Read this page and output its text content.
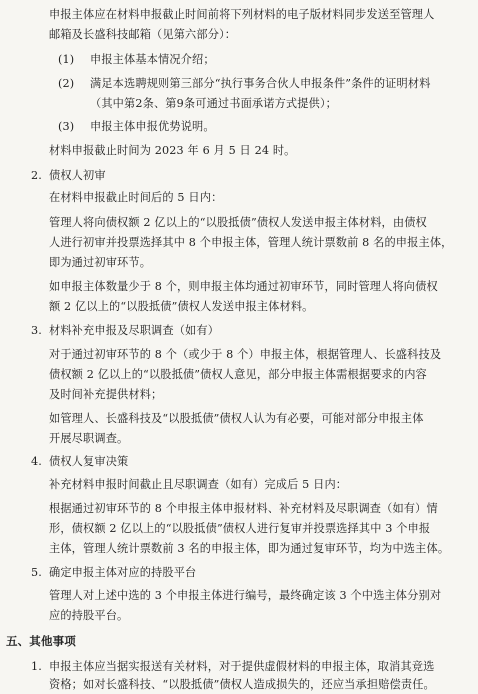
申报主体应在材料申报截止时间前将下列材料的电子版材料同步发送至管理人

邮箱及长盛科技邮箱（见第六部分）：

(1) 申报主体基本情况介绍；

(2) 满足本选聘规则第三部分“执行事务合伙人申报条件”条件的证明材料

（其中第2条、第9条可通过书面承诺方式提供）；

(3) 申报主体申报优势说明。

材料申报截止时间为 2023 年 6 月 5 日 24 时。

2. 债权人初审

在材料申报截止时间后的 5 日内：

管理人将向债权额 2 亿以上的“以股抵债”债权人发送申报主体材料，由债权

人进行初审并投票选择其中 8 个申报主体，管理人统计票数前 8 名的申报主体，

即为通过初审环节。

如申报主体数量少于 8 个，则申报主体均通过初审环节，同时管理人将向债权

额 2 亿以上的“以股抵债”债权人发送申报主体材料。

3. 材料补充申报及尽职调查（如有）

对于通过初审环节的 8 个（或少于 8 个）申报主体，根据管理人、长盛科技及

债权额 2 亿以上的“以股抵债”债权人意见，部分申报主体需根据要求的内容

及时间补充提供材料；

如管理人、长盛科技及“以股抵债”债权人认为有必要，可能对部分申报主体

开展尽职调查。

4. 债权人复审决策

补充材料申报时间截止且尽职调查（如有）完成后 5 日内：

根据通过初审环节的 8 个申报主体申报材料、补充材料及尽职调查（如有）情

形，债权额 2 亿以上的“以股抵债”债权人进行复审并投票选择其中 3 个申报

主体，管理人统计票数前 3 名的申报主体，即为通过复审环节，均为中选主体。

5. 确定申报主体对应的持股平台

管理人对上述中选的 3 个申报主体进行编号，最终确定该 3 个中选主体分别对

应的持股平台。

五、其他事项

1. 申报主体应当据实报送有关材料，对于提供虚假材料的申报主体，取消其竞选

资格；如对长盛科技、“以股抵债”债权人造成损失的，还应当承担赔偿责任。
